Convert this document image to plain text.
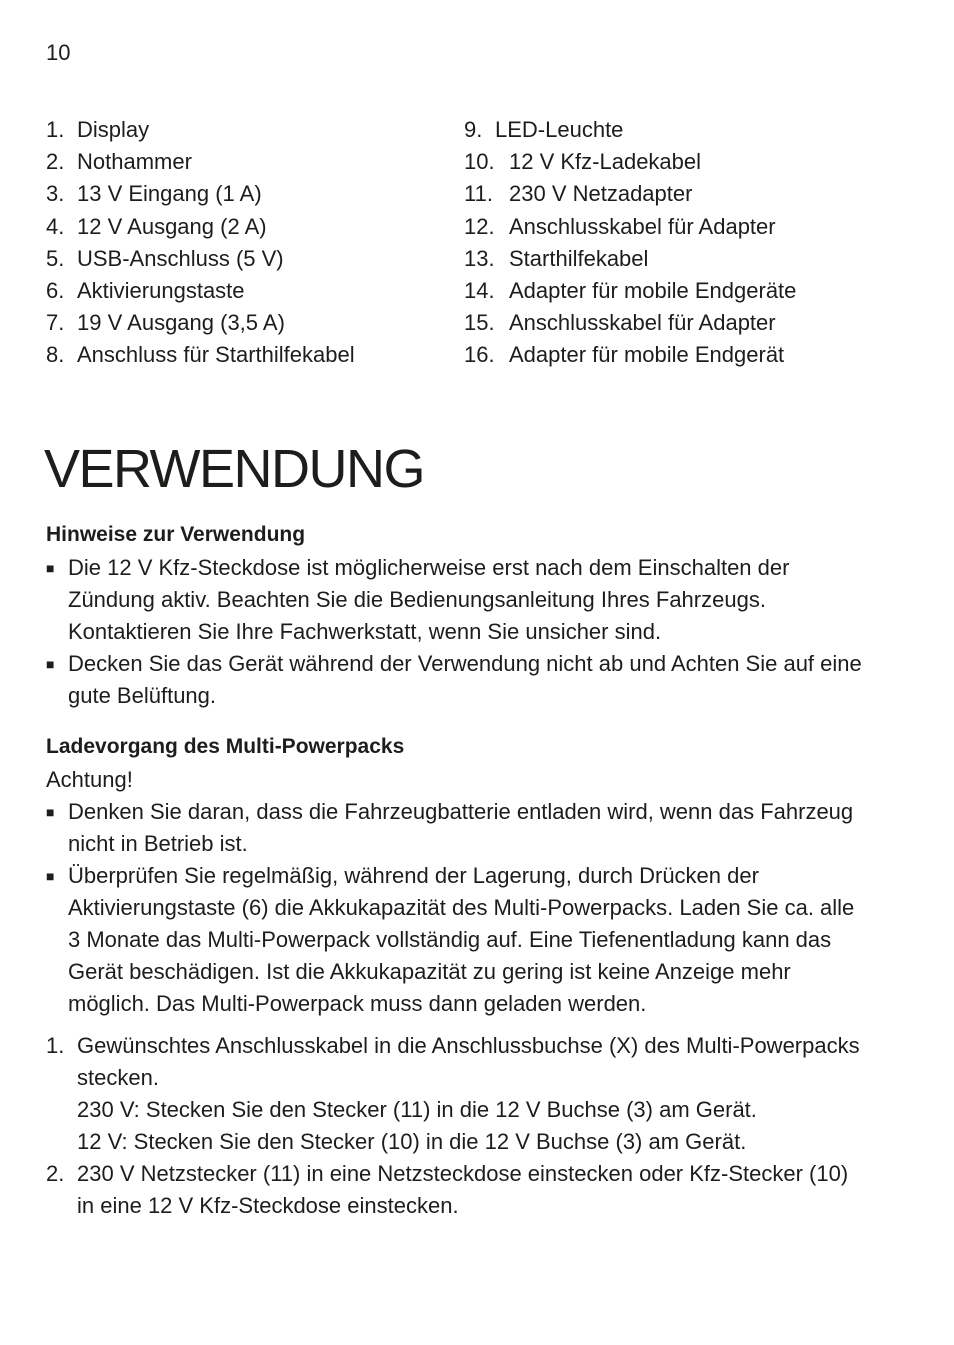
10
1. Display
2. Nothammer
3. 13 V Eingang (1 A)
4. 12 V Ausgang (2 A)
5. USB-Anschluss (5 V)
6. Aktivierungstaste
7. 19 V Ausgang (3,5 A)
8. Anschluss für Starthilfekabel
9. LED-Leuchte
10. 12 V Kfz-Ladekabel
11. 230 V Netzadapter
12. Anschlusskabel für Adapter
13. Starthilfekabel
14. Adapter für mobile Endgeräte
15. Anschlusskabel für Adapter
16. Adapter für mobile Endgerät
VERWENDUNG
Hinweise zur Verwendung
■ Die 12 V Kfz-Steckdose ist möglicherweise erst nach dem Einschalten der Zündung aktiv. Beachten Sie die Bedienungsanleitung Ihres Fahrzeugs. Kontaktieren Sie Ihre Fachwerkstatt, wenn Sie unsicher sind.
■ Decken Sie das Gerät während der Verwendung nicht ab und Achten Sie auf eine gute Belüftung.
Ladevorgang des Multi-Powerpacks
Achtung!
■ Denken Sie daran, dass die Fahrzeugbatterie entladen wird, wenn das Fahrzeug nicht in Betrieb ist.
■ Überprüfen Sie regelmäßig, während der Lagerung, durch Drücken der Aktivierungstaste (6) die Akkukapazität des Multi-Powerpacks. Laden Sie ca. alle 3 Monate das Multi-Powerpack vollständig auf. Eine Tiefenentladung kann das Gerät beschädigen. Ist die Akkukapazität zu gering ist keine Anzeige mehr möglich. Das Multi-Powerpack muss dann geladen werden.
1. Gewünschtes Anschlusskabel in die Anschlussbuchse (X) des Multi-Powerpacks stecken.
230 V: Stecken Sie den Stecker (11) in die 12 V Buchse (3) am Gerät.
12 V: Stecken Sie den Stecker (10) in die 12 V Buchse (3) am Gerät.
2. 230 V Netzstecker (11) in eine Netzsteckdose einstecken oder Kfz-Stecker (10) in eine 12 V Kfz-Steckdose einstecken.
